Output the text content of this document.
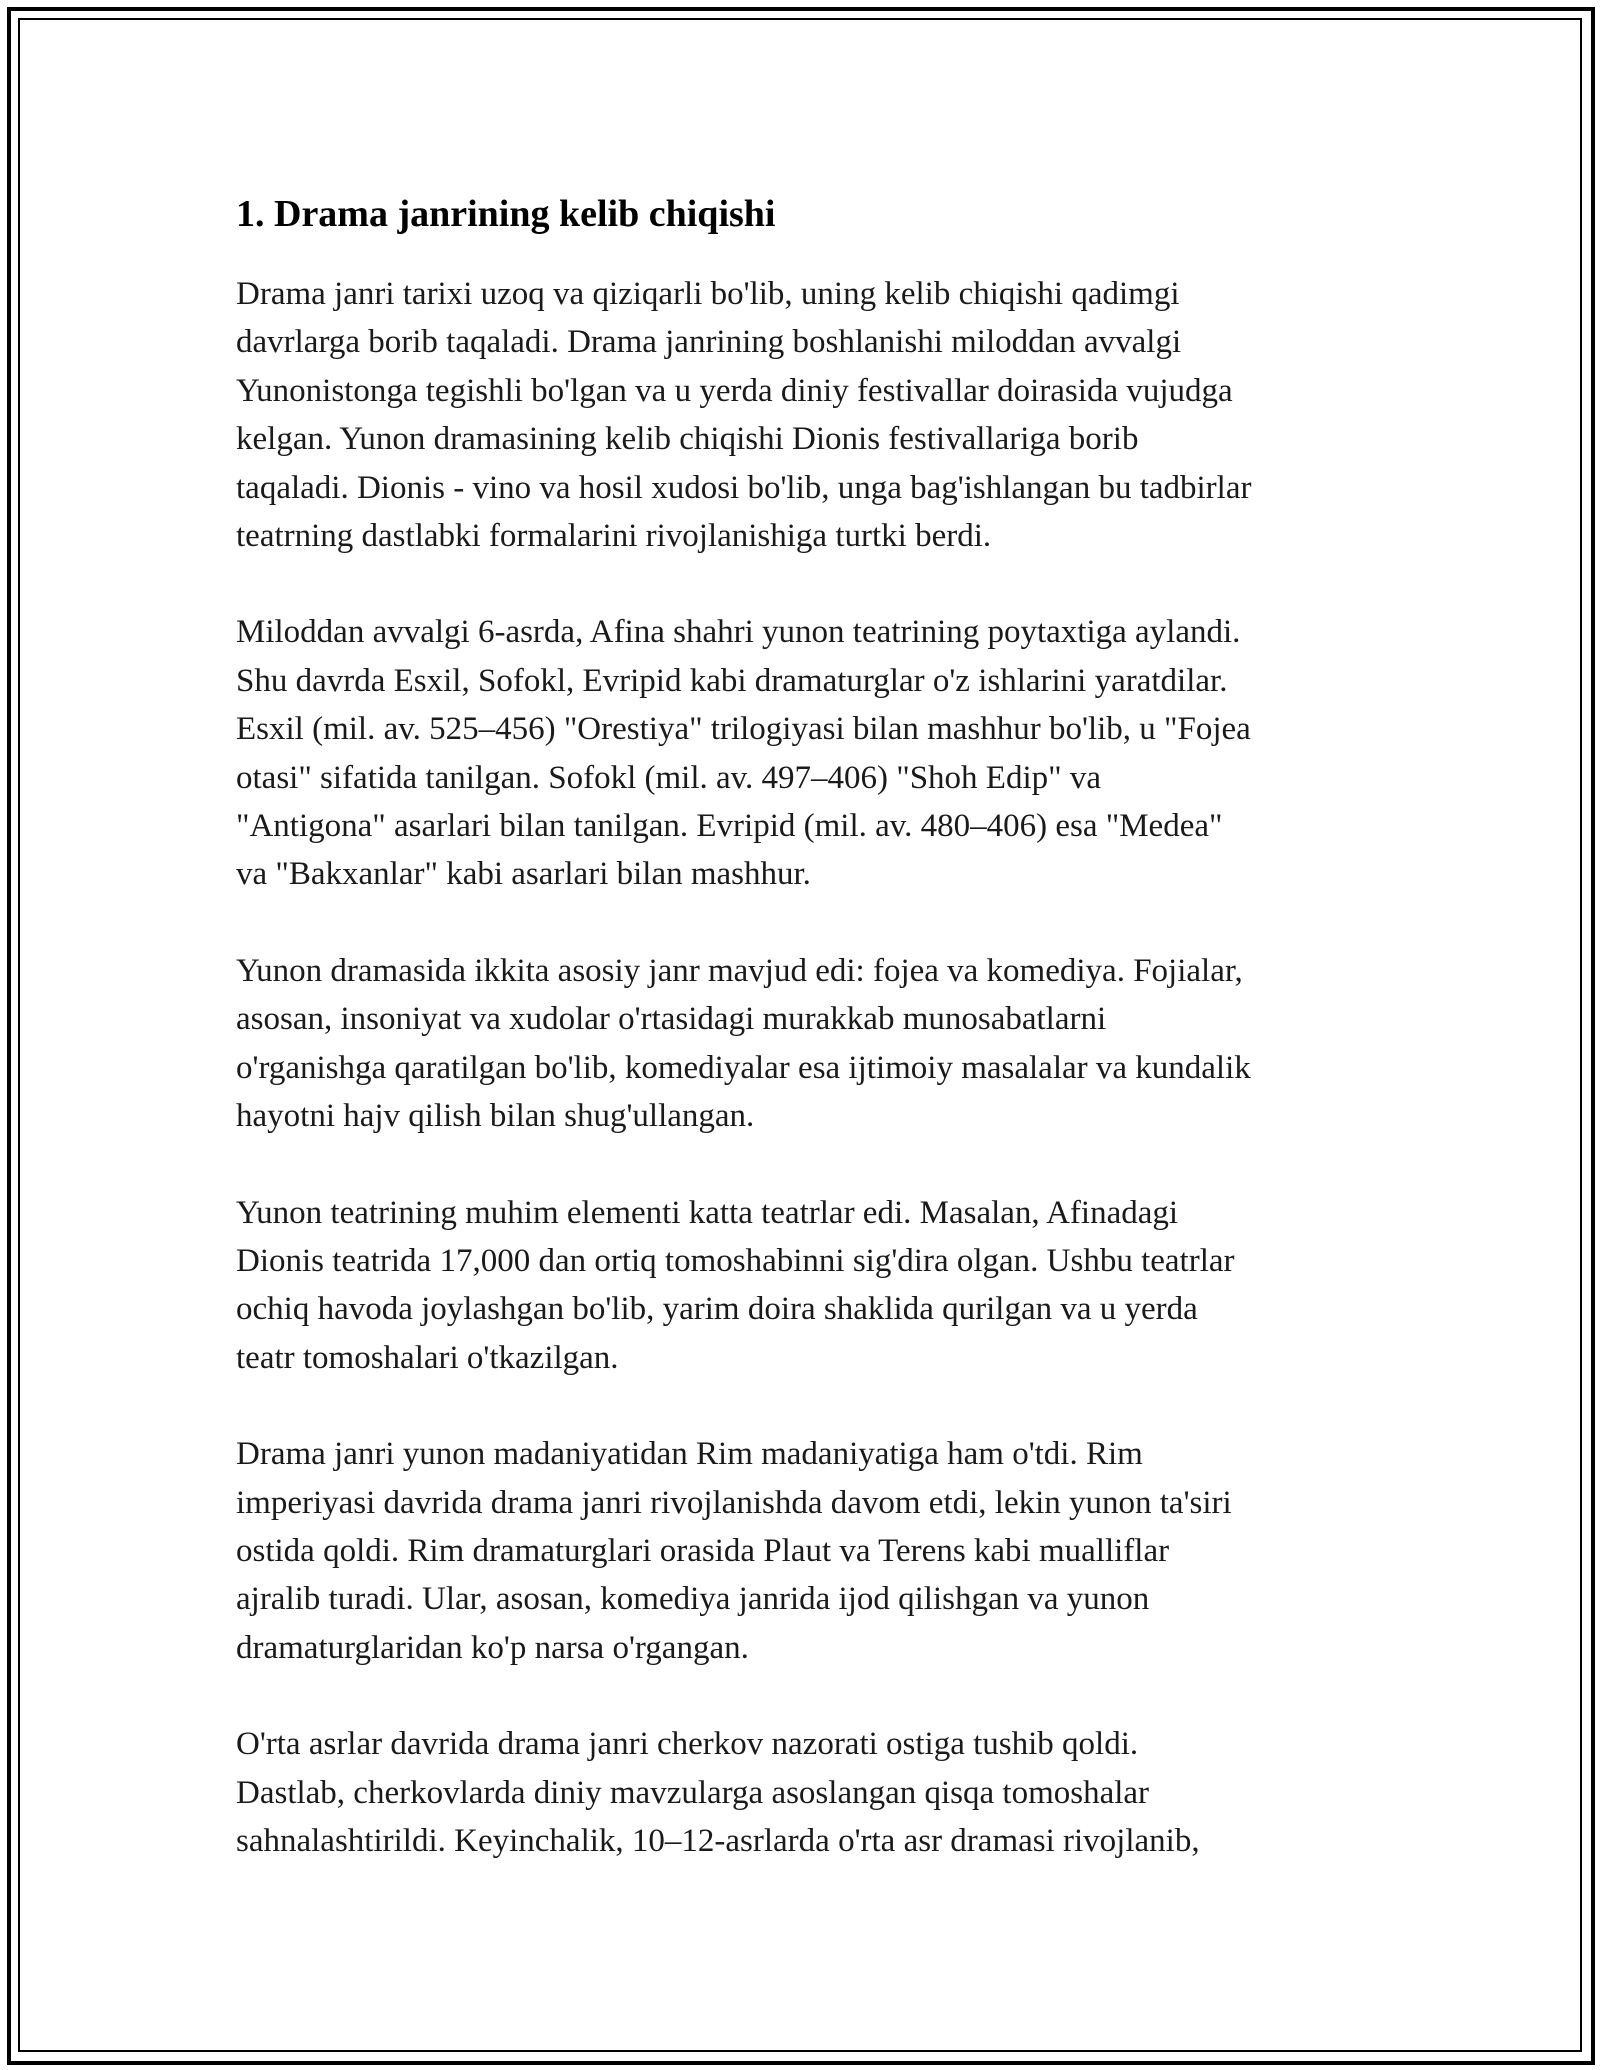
1. Drama janrining kelib chiqishi

Drama janri tarixi uzoq va qiziqarli bo'lib, uning kelib chiqishi qadimgi
davrlarga borib taqaladi. Drama janrining boshlanishi miloddan avvalgi
Yunonistonga tegishli bo'lgan va u yerda diniy festivallar doirasida vujudga
kelgan. Yunon dramasining kelib chiqishi Dionis festivallariga borib
taqaladi. Dionis - vino va hosil xudosi bo'lib, unga bag'ishlangan bu tadbirlar
teatrning dastlabki formalarini rivojlanishiga turtki berdi.

Miloddan avvalgi 6-asrda, Afina shahri yunon teatrining poytaxtiga aylandi.
Shu davrda Esxil, Sofokl, Evripid kabi dramaturglar o'z ishlarini yaratdilar.
Esxil (mil. av. 525–456) "Orestiya" trilogiyasi bilan mashhur bo'lib, u "Fojea
otasi" sifatida tanilgan. Sofokl (mil. av. 497–406) "Shoh Edip" va
"Antigona" asarlari bilan tanilgan. Evripid (mil. av. 480–406) esa "Medea"
va "Bakxanlar" kabi asarlari bilan mashhur.

Yunon dramasida ikkita asosiy janr mavjud edi: fojea va komediya. Fojialar,
asosan, insoniyat va xudolar o'rtasidagi murakkab munosabatlarni
o'rganishga qaratilgan bo'lib, komediyalar esa ijtimoiy masalalar va kundalik
hayotni hajv qilish bilan shug'ullangan.

Yunon teatrining muhim elementi katta teatrlar edi. Masalan, Afinadagi
Dionis teatrida 17,000 dan ortiq tomoshabinni sig'dira olgan. Ushbu teatrlar
ochiq havoda joylashgan bo'lib, yarim doira shaklida qurilgan va u yerda
teatr tomoshalari o'tkazilgan.

Drama janri yunon madaniyatidan Rim madaniyatiga ham o'tdi. Rim
imperiyasi davrida drama janri rivojlanishda davom etdi, lekin yunon ta'siri
ostida qoldi. Rim dramaturglari orasida Plaut va Terens kabi mualliflar
ajralib turadi. Ular, asosan, komediya janrida ijod qilishgan va yunon
dramaturglaridan ko'p narsa o'rgangan.

O'rta asrlar davrida drama janri cherkov nazorati ostiga tushib qoldi.
Dastlab, cherkovlarda diniy mavzularga asoslangan qisqa tomoshalar
sahnalashtirildi. Keyinchalik, 10–12-asrlarda o'rta asr dramasi rivojlanib,
